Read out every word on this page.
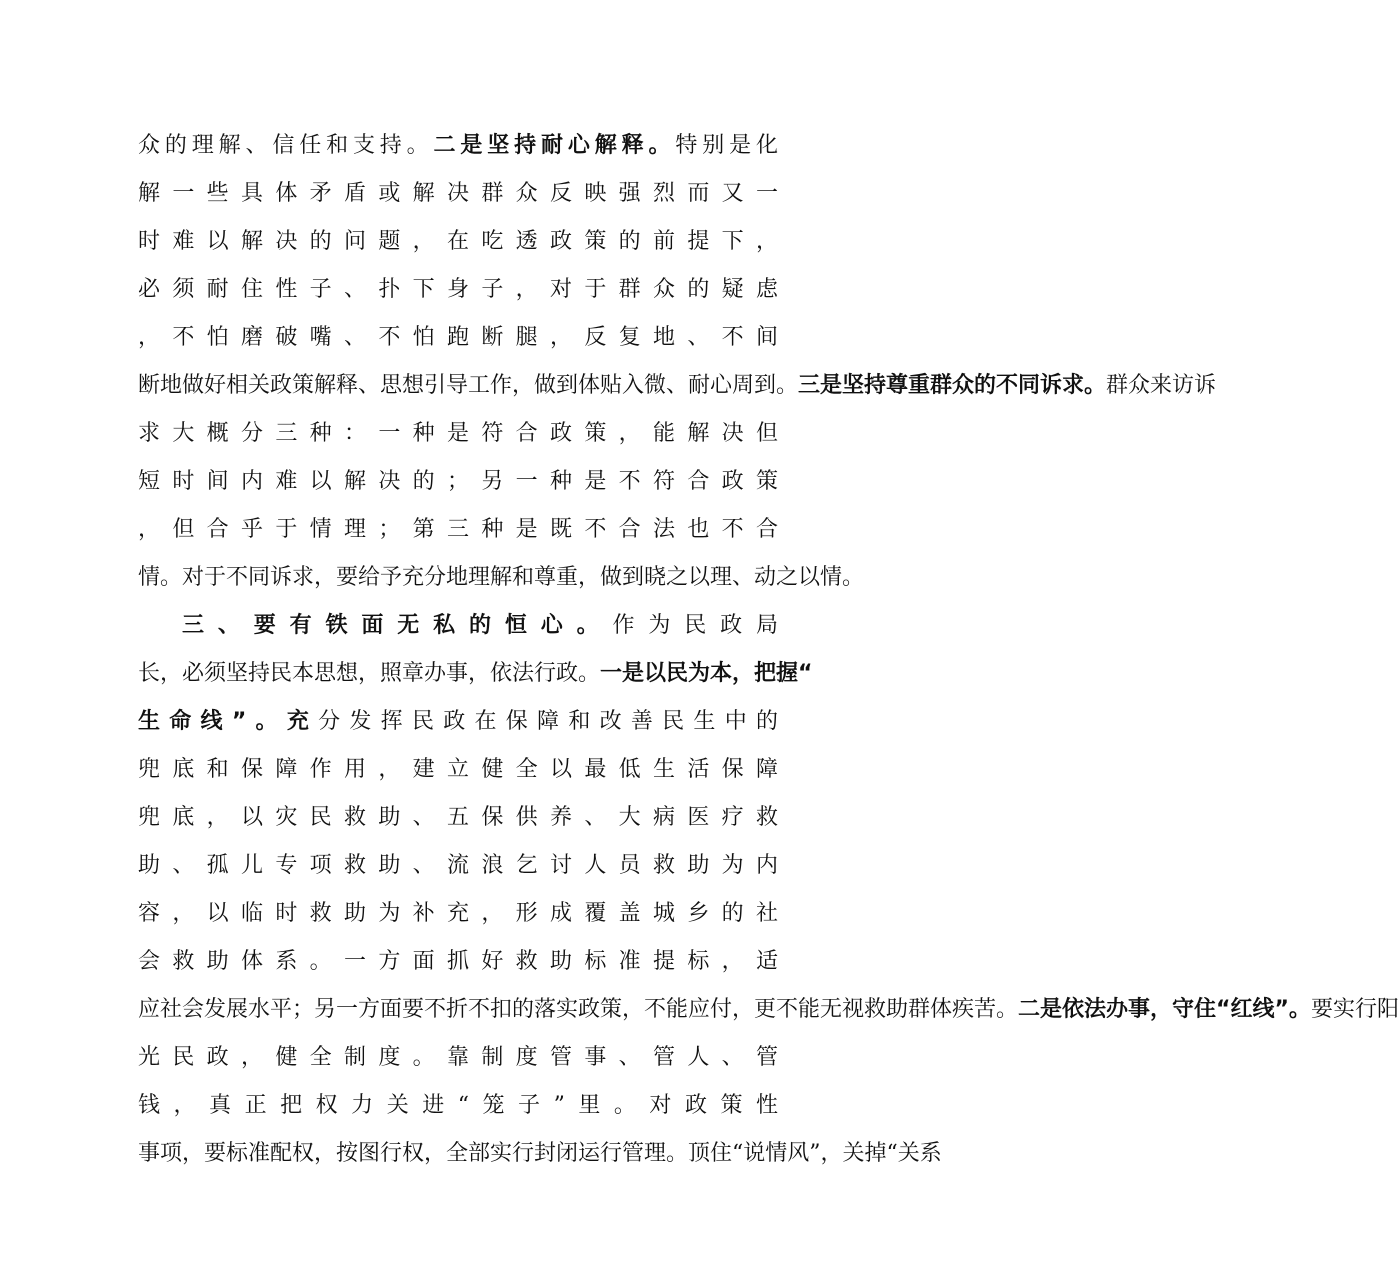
众的理解、信任和支持。二是坚持耐心解释。特别是化
解一些具体矛盾或解决群众反映强烈而又一
时难以解决的问题，在吃透政策的前提下，
必须耐住性子、扑下身子，对于群众的疑虑
，不怕磨破嘴、不怕跑断腿，反复地、不间
断地做好相关政策解释、思想引导工作，做到体贴入微、耐心周到。三是坚持尊重群众的不同诉求。群众来访诉
求大概分三种：一种是符合政策，能解决但
短时间内难以解决的；另一种是不符合政策
，但合乎于情理；第三种是既不合法也不合
情。对于不同诉求，要给予充分地理解和尊重，做到晓之以理、动之以情。
三、要有铁面无私的恒心。作为民政局
长，必须坚持民本思想，照章办事，依法行政。一是以民为本，把握“
生命线”。充分发挥民政在保障和改善民生中的
兜底和保障作用，建立健全以最低生活保障
兜底，以灾民救助、五保供养、大病医疗救
助、孤儿专项救助、流浪乞讨人员救助为内
容，以临时救助为补充，形成覆盖城乡的社
会救助体系。一方面抓好救助标准提标，适
应社会发展水平；另一方面要不折不扣的落实政策，不能应付，更不能无视救助群体疾苦。二是依法办事，守住“红线”。要实行阳
光民政，健全制度。靠制度管事、管人、管
钱，真正把权力关进“笼子”里。对政策性
事项，要标准配权，按图行权，全部实行封闭运行管理。顶住“说情风”，关掉“关系
